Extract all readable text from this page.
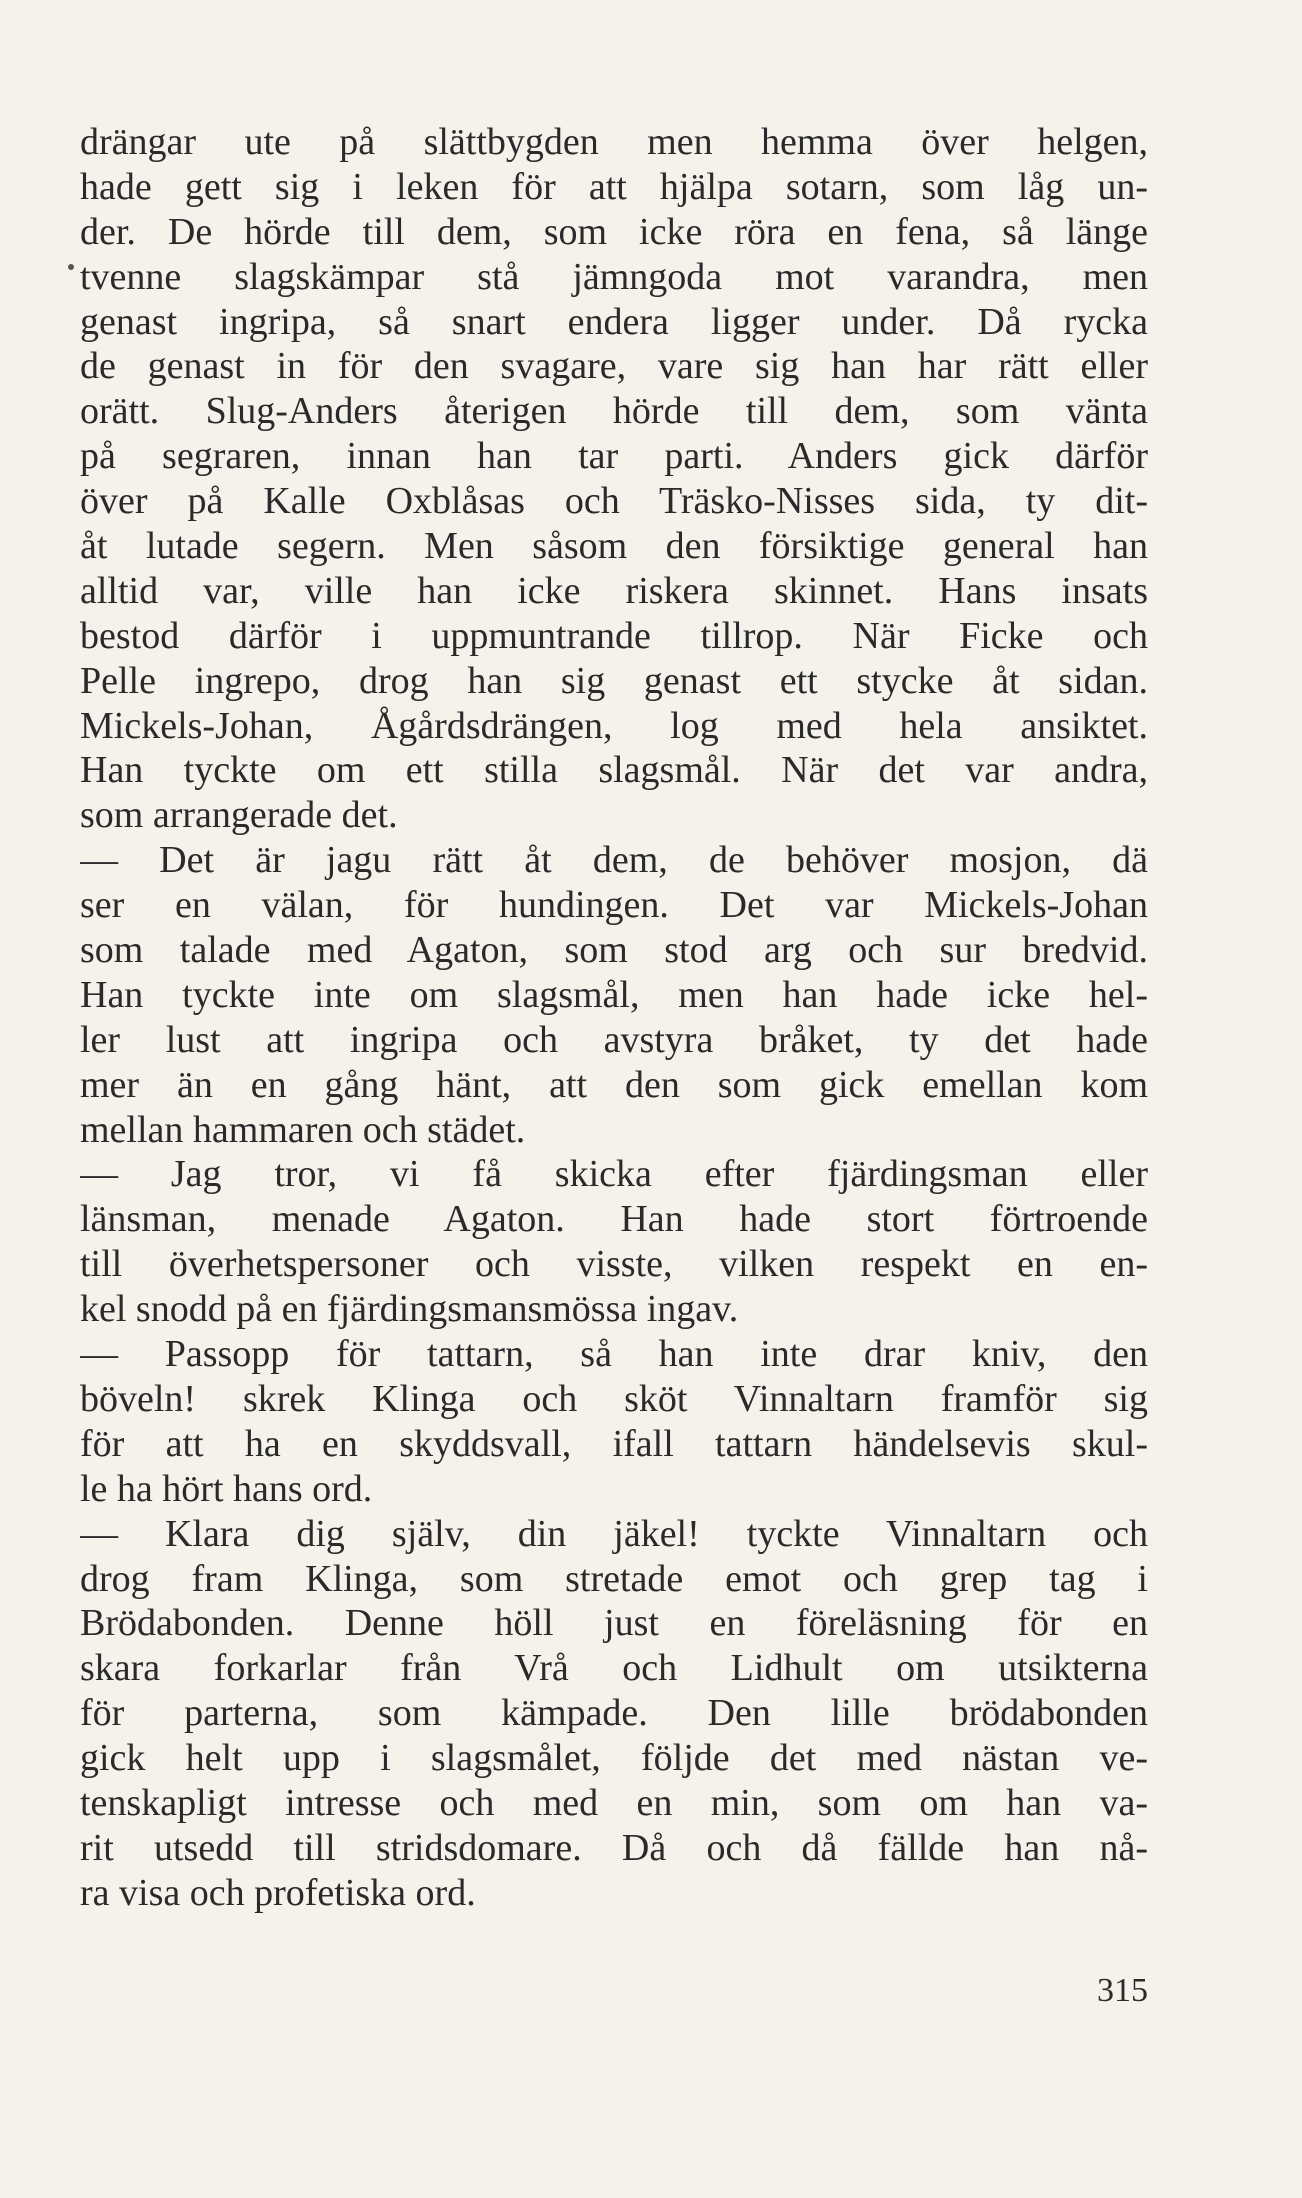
drängar ute på slättbygden men hemma över helgen,
hade gett sig i leken för att hjälpa sotarn, som låg un-
der. De hörde till dem, som icke röra en fena, så länge
tvenne slagskämpar stå jämngoda mot varandra, men
genast ingripa, så snart endera ligger under. Då rycka
de genast in för den svagare, vare sig han har rätt eller
orätt. Slug-Anders återigen hörde till dem, som vänta
på segraren, innan han tar parti. Anders gick därför
över på Kalle Oxblåsas och Träsko-Nisses sida, ty dit-
åt lutade segern. Men såsom den försiktige general han
alltid var, ville han icke riskera skinnet. Hans insats
bestod därför i uppmuntrande tillrop. När Ficke och
Pelle ingrepo, drog han sig genast ett stycke åt sidan.
Mickels-Johan, Ågårdsdrängen, log med hela ansiktet.
Han tyckte om ett stilla slagsmål. När det var andra,
som arrangerade det.
— Det är jagu rätt åt dem, de behöver mosjon, dä
ser en välan, för hundingen. Det var Mickels-Johan
som talade med Agaton, som stod arg och sur bredvid.
Han tyckte inte om slagsmål, men han hade icke hel-
ler lust att ingripa och avstyra bråket, ty det hade
mer än en gång hänt, att den som gick emellan kom
mellan hammaren och städet.
— Jag tror, vi få skicka efter fjärdingsman eller
länsman, menade Agaton. Han hade stort förtroende
till överhetspersoner och visste, vilken respekt en en-
kel snodd på en fjärdingsmansmössa ingav.
— Passopp för tattarn, så han inte drar kniv, den
böveln! skrek Klinga och sköt Vinnaltarn framför sig
för att ha en skyddsvall, ifall tattarn händelsevis skul-
le ha hört hans ord.
— Klara dig själv, din jäkel! tyckte Vinnaltarn och
drog fram Klinga, som stretade emot och grep tag i
Brödabonden. Denne höll just en föreläsning för en
skara forkarlar från Vrå och Lidhult om utsikterna
för parterna, som kämpade. Den lille brödabonden
gick helt upp i slagsmålet, följde det med nästan ve-
tenskapligt intresse och med en min, som om han va-
rit utsedd till stridsdomare. Då och då fällde han nå-
ra visa och profetiska ord.
315
